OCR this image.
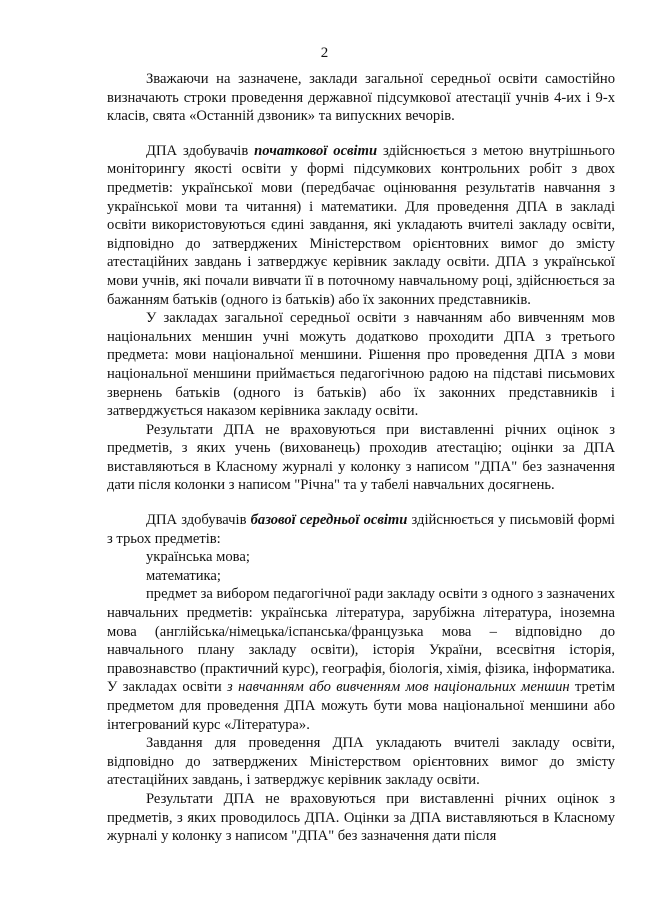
2

Зважаючи на зазначене, заклади загальної середньої освіти самостійно визначають строки проведення державної підсумкової атестації учнів 4-их і 9-х класів, свята «Останній дзвоник» та випускних вечорів.

ДПА здобувачів початкової освіти здійснюється з метою внутрішнього моніторингу якості освіти у формі підсумкових контрольних робіт з двох предметів: української мови (передбачає оцінювання результатів навчання з української мови та читання) і математики. Для проведення ДПА в закладі освіти використовуються єдині завдання, які укладають вчителі закладу освіти, відповідно до затверджених Міністерством орієнтовних вимог до змісту атестаційних завдань і затверджує керівник закладу освіти. ДПА з української мови учнів, які почали вивчати її в поточному навчальному році, здійснюється за бажанням батьків (одного із батьків) або їх законних представників.

У закладах загальної середньої освіти з навчанням або вивченням мов національних меншин учні можуть додатково проходити ДПА з третього предмета: мови національної меншини. Рішення про проведення ДПА з мови національної меншини приймається педагогічною радою на підставі письмових звернень батьків (одного із батьків) або їх законних представників і затверджується наказом керівника закладу освіти.

Результати ДПА не враховуються при виставленні річних оцінок з предметів, з яких учень (вихованець) проходив атестацію; оцінки за ДПА виставляються в Класному журналі у колонку з написом "ДПА" без зазначення дати після колонки з написом "Річна" та у табелі навчальних досягнень.

ДПА здобувачів базової середньої освіти здійснюється у письмовій формі з трьох предметів:

українська мова;

математика;

предмет за вибором педагогічної ради закладу освіти з одного з зазначених навчальних предметів: українська література, зарубіжна література, іноземна мова (англійська/німецька/іспанська/французька мова – відповідно до навчального плану закладу освіти), історія України, всесвітня історія, правознавство (практичний курс), географія, біологія, хімія, фізика, інформатика. У закладах освіти з навчанням або вивченням мов національних меншин третім предметом для проведення ДПА можуть бути мова національної меншини або інтегрований курс «Література».

Завдання для проведення ДПА укладають вчителі закладу освіти, відповідно до затверджених Міністерством орієнтовних вимог до змісту атестаційних завдань, і затверджує керівник закладу освіти.

Результати ДПА не враховуються при виставленні річних оцінок з предметів, з яких проводилось ДПА. Оцінки за ДПА виставляються в Класному журналі у колонку з написом "ДПА" без зазначення дати після
